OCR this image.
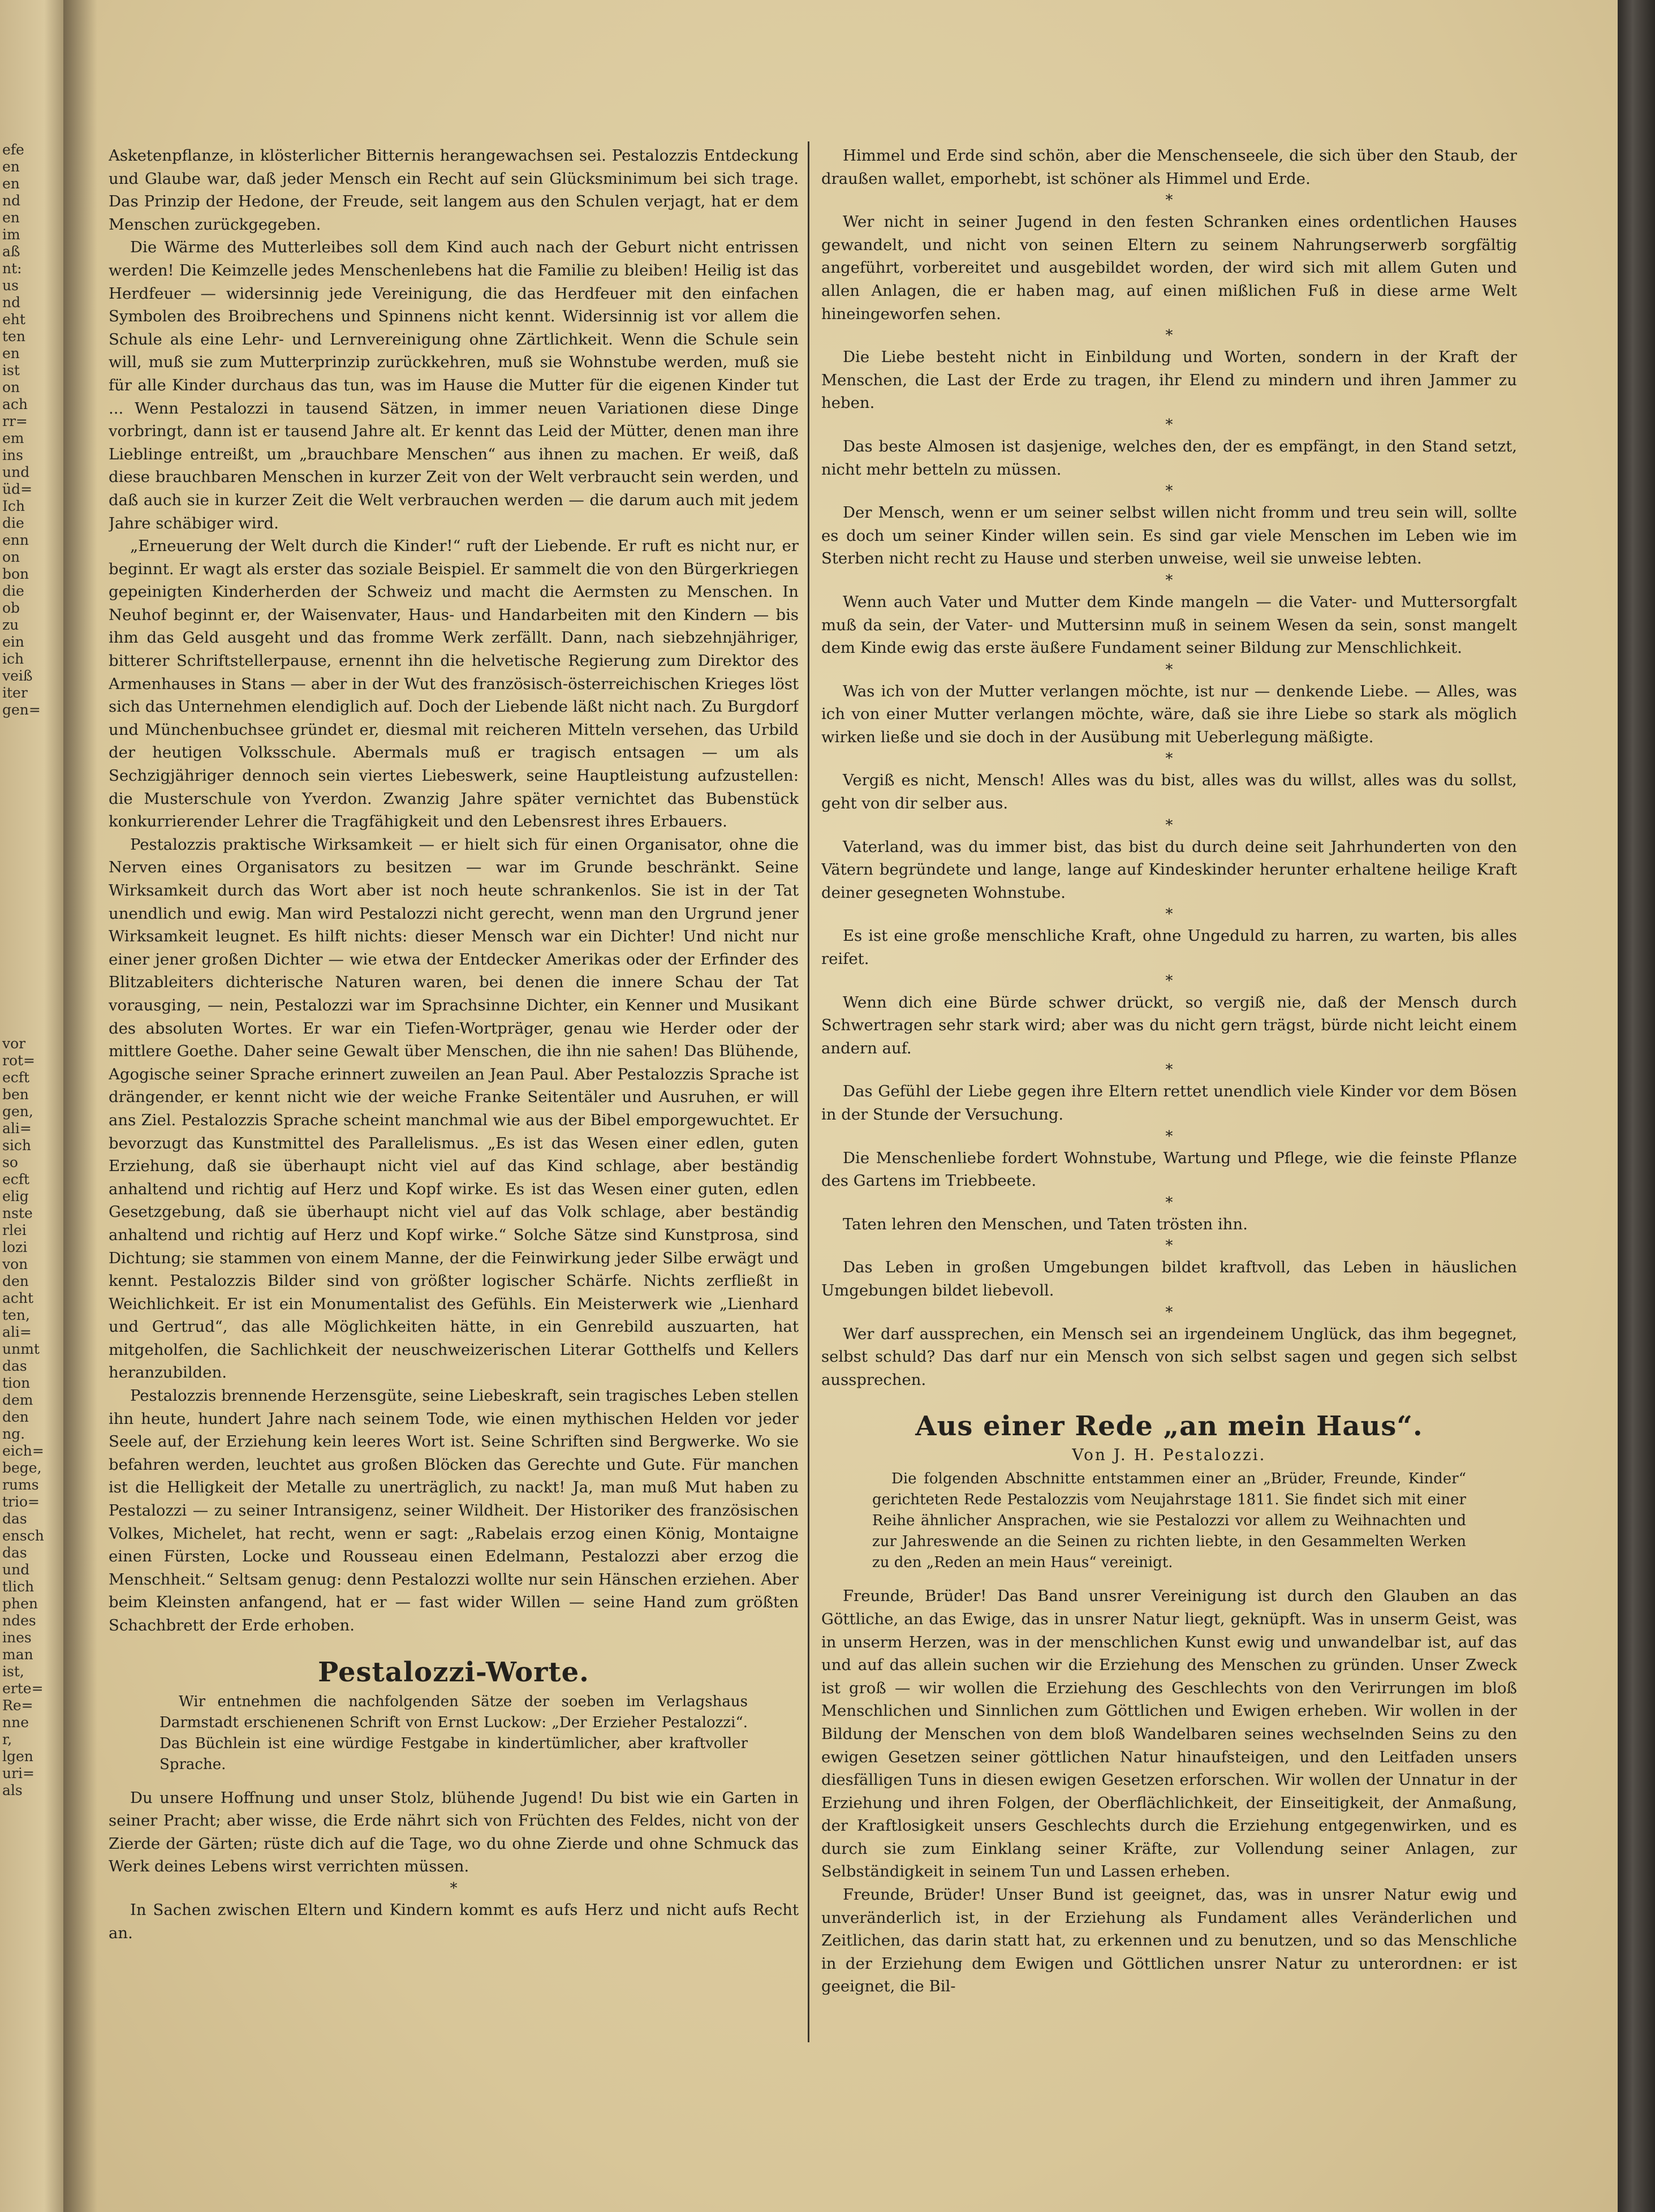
efe
en
en
nd
en
im
aß
nt:
us
nd
eht
ten
en
ist
on
ach
rr=
em
ins
und
üd=
Ich
die
enn
on
bon
die
ob
zu
ein
ich
veiß
iter
gen=
vor
rot=
ecft
ben
gen,
ali=
sich
so
ecft
elig
nste
rlei
lozi
von
den
acht
ten,
ali=
unmt
das
tion
dem
den
ng.
eich=
bege,
rums
trio=
das
ensch
das
und
tlich
phen
ndes
ines
man
ist,
erte=
Re=
nne
r,
lgen
uri=
als

Asketenpflanze, in klösterlicher Bitternis herangewachsen sei. Pestalozzis Entdeckung und Glaube war, daß jeder Mensch ein Recht auf sein Glücksminimum bei sich trage. Das Prinzip der Hedone, der Freude, seit langem aus den Schulen verjagt, hat er dem Menschen zurückgegeben.

Die Wärme des Mutterleibes soll dem Kind auch nach der Geburt nicht entrissen werden! Die Keimzelle jedes Menschenlebens hat die Familie zu bleiben! Heilig ist das Herdfeuer — widersinnig jede Vereinigung, die das Herdfeuer mit den einfachen Symbolen des Broibrechens und Spinnens nicht kennt. Widersinnig ist vor allem die Schule als eine Lehr- und Lernvereinigung ohne Zärtlichkeit. Wenn die Schule sein will, muß sie zum Mutterprinzip zurückkehren, muß sie Wohnstube werden, muß sie für alle Kinder durchaus das tun, was im Hause die Mutter für die eigenen Kinder tut ... Wenn Pestalozzi in tausend Sätzen, in immer neuen Variationen diese Dinge vorbringt, dann ist er tausend Jahre alt. Er kennt das Leid der Mütter, denen man ihre Lieblinge entreißt, um „brauchbare Menschen“ aus ihnen zu machen. Er weiß, daß diese brauchbaren Menschen in kurzer Zeit von der Welt verbraucht sein werden, und daß auch sie in kurzer Zeit die Welt verbrauchen werden — die darum auch mit jedem Jahre schäbiger wird.

„Erneuerung der Welt durch die Kinder!“ ruft der Liebende. Er ruft es nicht nur, er beginnt. Er wagt als erster das soziale Beispiel. Er sammelt die von den Bürgerkriegen gepeinigten Kinderherden der Schweiz und macht die Aermsten zu Menschen. In Neuhof beginnt er, der Waisenvater, Haus- und Handarbeiten mit den Kindern — bis ihm das Geld ausgeht und das fromme Werk zerfällt. Dann, nach siebzehnjähriger, bitterer Schriftstellerpause, ernennt ihn die helvetische Regierung zum Direktor des Armenhauses in Stans — aber in der Wut des französisch-österreichischen Krieges löst sich das Unternehmen elendiglich auf. Doch der Liebende läßt nicht nach. Zu Burgdorf und Münchenbuchsee gründet er, diesmal mit reicheren Mitteln versehen, das Urbild der heutigen Volksschule. Abermals muß er tragisch entsagen — um als Sechzigjähriger dennoch sein viertes Liebeswerk, seine Hauptleistung aufzustellen: die Musterschule von Yverdon. Zwanzig Jahre später vernichtet das Bubenstück konkurrierender Lehrer die Tragfähigkeit und den Lebensrest ihres Erbauers.

Pestalozzis praktische Wirksamkeit — er hielt sich für einen Organisator, ohne die Nerven eines Organisators zu besitzen — war im Grunde beschränkt. Seine Wirksamkeit durch das Wort aber ist noch heute schrankenlos. Sie ist in der Tat unendlich und ewig. Man wird Pestalozzi nicht gerecht, wenn man den Urgrund jener Wirksamkeit leugnet. Es hilft nichts: dieser Mensch war ein Dichter! Und nicht nur einer jener großen Dichter — wie etwa der Entdecker Amerikas oder der Erfinder des Blitzableiters dichterische Naturen waren, bei denen die innere Schau der Tat vorausging, — nein, Pestalozzi war im Sprachsinne Dichter, ein Kenner und Musikant des absoluten Wortes. Er war ein Tiefen-Wortpräger, genau wie Herder oder der mittlere Goethe. Daher seine Gewalt über Menschen, die ihn nie sahen! Das Blühende, Agogische seiner Sprache erinnert zuweilen an Jean Paul. Aber Pestalozzis Sprache ist drängender, er kennt nicht wie der weiche Franke Seitentäler und Ausruhen, er will ans Ziel. Pestalozzis Sprache scheint manchmal wie aus der Bibel emporgewuchtet. Er bevorzugt das Kunstmittel des Parallelismus. „Es ist das Wesen einer edlen, guten Erziehung, daß sie überhaupt nicht viel auf das Kind schlage, aber beständig anhaltend und richtig auf Herz und Kopf wirke. Es ist das Wesen einer guten, edlen Gesetzgebung, daß sie überhaupt nicht viel auf das Volk schlage, aber beständig anhaltend und richtig auf Herz und Kopf wirke.“ Solche Sätze sind Kunstprosa, sind Dichtung; sie stammen von einem Manne, der die Feinwirkung jeder Silbe erwägt und kennt. Pestalozzis Bilder sind von größter logischer Schärfe. Nichts zerfließt in Weichlichkeit. Er ist ein Monumentalist des Gefühls. Ein Meisterwerk wie „Lienhard und Gertrud“, das alle Möglichkeiten hätte, in ein Genrebild auszuarten, hat mitgeholfen, die Sachlichkeit der neuschweizerischen Literar Gotthelfs und Kellers heranzubilden.

Pestalozzis brennende Herzensgüte, seine Liebeskraft, sein tragisches Leben stellen ihn heute, hundert Jahre nach seinem Tode, wie einen mythischen Helden vor jeder Seele auf, der Erziehung kein leeres Wort ist. Seine Schriften sind Bergwerke. Wo sie befahren werden, leuchtet aus großen Blöcken das Gerechte und Gute. Für manchen ist die Helligkeit der Metalle zu unerträglich, zu nackt! Ja, man muß Mut haben zu Pestalozzi — zu seiner Intransigenz, seiner Wildheit. Der Historiker des französischen Volkes, Michelet, hat recht, wenn er sagt: „Rabelais erzog einen König, Montaigne einen Fürsten, Locke und Rousseau einen Edelmann, Pestalozzi aber erzog die Menschheit.“ Seltsam genug: denn Pestalozzi wollte nur sein Hänschen erziehen. Aber beim Kleinsten anfangend, hat er — fast wider Willen — seine Hand zum größten Schachbrett der Erde erhoben.

Pestalozzi-Worte.

Wir entnehmen die nachfolgenden Sätze der soeben im Verlagshaus Darmstadt erschienenen Schrift von Ernst Luckow: „Der Erzieher Pestalozzi“. Das Büchlein ist eine würdige Festgabe in kindertümlicher, aber kraftvoller Sprache.

Du unsere Hoffnung und unser Stolz, blühende Jugend! Du bist wie ein Garten in seiner Pracht; aber wisse, die Erde nährt sich von Früchten des Feldes, nicht von der Zierde der Gärten; rüste dich auf die Tage, wo du ohne Zierde und ohne Schmuck das Werk deines Lebens wirst verrichten müssen.

*

In Sachen zwischen Eltern und Kindern kommt es aufs Herz und nicht aufs Recht an.

Himmel und Erde sind schön, aber die Menschenseele, die sich über den Staub, der draußen wallet, emporhebt, ist schöner als Himmel und Erde.

*

Wer nicht in seiner Jugend in den festen Schranken eines ordentlichen Hauses gewandelt, und nicht von seinen Eltern zu seinem Nahrungserwerb sorgfältig angeführt, vorbereitet und ausgebildet worden, der wird sich mit allem Guten und allen Anlagen, die er haben mag, auf einen mißlichen Fuß in diese arme Welt hineingeworfen sehen.

*

Die Liebe besteht nicht in Einbildung und Worten, sondern in der Kraft der Menschen, die Last der Erde zu tragen, ihr Elend zu mindern und ihren Jammer zu heben.

*

Das beste Almosen ist dasjenige, welches den, der es empfängt, in den Stand setzt, nicht mehr betteln zu müssen.

*

Der Mensch, wenn er um seiner selbst willen nicht fromm und treu sein will, sollte es doch um seiner Kinder willen sein. Es sind gar viele Menschen im Leben wie im Sterben nicht recht zu Hause und sterben unweise, weil sie unweise lebten.

*

Wenn auch Vater und Mutter dem Kinde mangeln — die Vater- und Muttersorgfalt muß da sein, der Vater- und Muttersinn muß in seinem Wesen da sein, sonst mangelt dem Kinde ewig das erste äußere Fundament seiner Bildung zur Menschlichkeit.

*

Was ich von der Mutter verlangen möchte, ist nur — denkende Liebe. — Alles, was ich von einer Mutter verlangen möchte, wäre, daß sie ihre Liebe so stark als möglich wirken ließe und sie doch in der Ausübung mit Ueberlegung mäßigte.

*

Vergiß es nicht, Mensch! Alles was du bist, alles was du willst, alles was du sollst, geht von dir selber aus.

*

Vaterland, was du immer bist, das bist du durch deine seit Jahrhunderten von den Vätern begründete und lange, lange auf Kindeskinder herunter erhaltene heilige Kraft deiner gesegneten Wohnstube.

*

Es ist eine große menschliche Kraft, ohne Ungeduld zu harren, zu warten, bis alles reifet.

*

Wenn dich eine Bürde schwer drückt, so vergiß nie, daß der Mensch durch Schwertragen sehr stark wird; aber was du nicht gern trägst, bürde nicht leicht einem andern auf.

*

Das Gefühl der Liebe gegen ihre Eltern rettet unendlich viele Kinder vor dem Bösen in der Stunde der Versuchung.

*

Die Menschenliebe fordert Wohnstube, Wartung und Pflege, wie die feinste Pflanze des Gartens im Triebbeete.

*

Taten lehren den Menschen, und Taten trösten ihn.

*

Das Leben in großen Umgebungen bildet kraftvoll, das Leben in häuslichen Umgebungen bildet liebevoll.

*

Wer darf aussprechen, ein Mensch sei an irgendeinem Unglück, das ihm begegnet, selbst schuld? Das darf nur ein Mensch von sich selbst sagen und gegen sich selbst aussprechen.

Aus einer Rede „an mein Haus“.

Von J. H. Pestalozzi.

Die folgenden Abschnitte entstammen einer an „Brüder, Freunde, Kinder“ gerichteten Rede Pestalozzis vom Neujahrstage 1811. Sie findet sich mit einer Reihe ähnlicher Ansprachen, wie sie Pestalozzi vor allem zu Weihnachten und zur Jahreswende an die Seinen zu richten liebte, in den Gesammelten Werken zu den „Reden an mein Haus“ vereinigt.

Freunde, Brüder! Das Band unsrer Vereinigung ist durch den Glauben an das Göttliche, an das Ewige, das in unsrer Natur liegt, geknüpft. Was in unserm Geist, was in unserm Herzen, was in der menschlichen Kunst ewig und unwandelbar ist, auf das und auf das allein suchen wir die Erziehung des Menschen zu gründen. Unser Zweck ist groß — wir wollen die Erziehung des Geschlechts von den Verirrungen im bloß Menschlichen und Sinnlichen zum Göttlichen und Ewigen erheben. Wir wollen in der Bildung der Menschen von dem bloß Wandelbaren seines wechselnden Seins zu den ewigen Gesetzen seiner göttlichen Natur hinaufsteigen, und den Leitfaden unsers diesfälligen Tuns in diesen ewigen Gesetzen erforschen. Wir wollen der Unnatur in der Erziehung und ihren Folgen, der Oberflächlichkeit, der Einseitigkeit, der Anmaßung, der Kraftlosigkeit unsers Geschlechts durch die Erziehung entgegenwirken, und es durch sie zum Einklang seiner Kräfte, zur Vollendung seiner Anlagen, zur Selbständigkeit in seinem Tun und Lassen erheben.

Freunde, Brüder! Unser Bund ist geeignet, das, was in unsrer Natur ewig und unveränderlich ist, in der Erziehung als Fundament alles Veränderlichen und Zeitlichen, das darin statt hat, zu erkennen und zu benutzen, und so das Menschliche in der Erziehung dem Ewigen und Göttlichen unsrer Natur zu unterordnen: er ist geeignet, die Bil-
